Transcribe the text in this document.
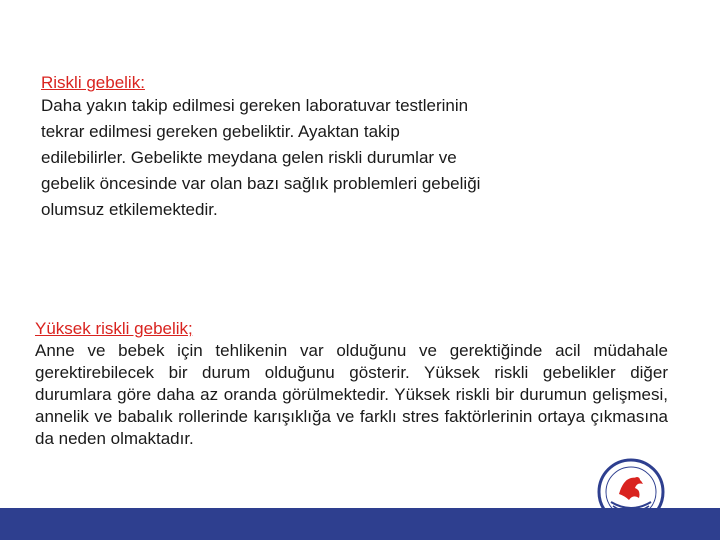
Riskli gebelik:

Daha yakın takip edilmesi gereken laboratuvar testlerinin

tekrar edilmesi gereken gebeliktir. Ayaktan takip

edilebilirler. Gebelikte meydana gelen riskli durumlar ve

gebelik öncesinde var olan bazı sağlık problemleri gebeliği

olumsuz etkilemektedir.

Yüksek riskli gebelik;

Anne ve bebek için tehlikenin var olduğunu ve gerektiğinde acil müdahale gerektirebilecek bir durum olduğunu gösterir. Yüksek riskli gebelikler diğer durumlara göre daha az oranda görülmektedir. Yüksek riskli bir durumun gelişmesi, annelik ve babalık rollerinde karışıklığa ve farklı stres faktörlerinin ortaya çıkmasına da neden olmaktadır.
